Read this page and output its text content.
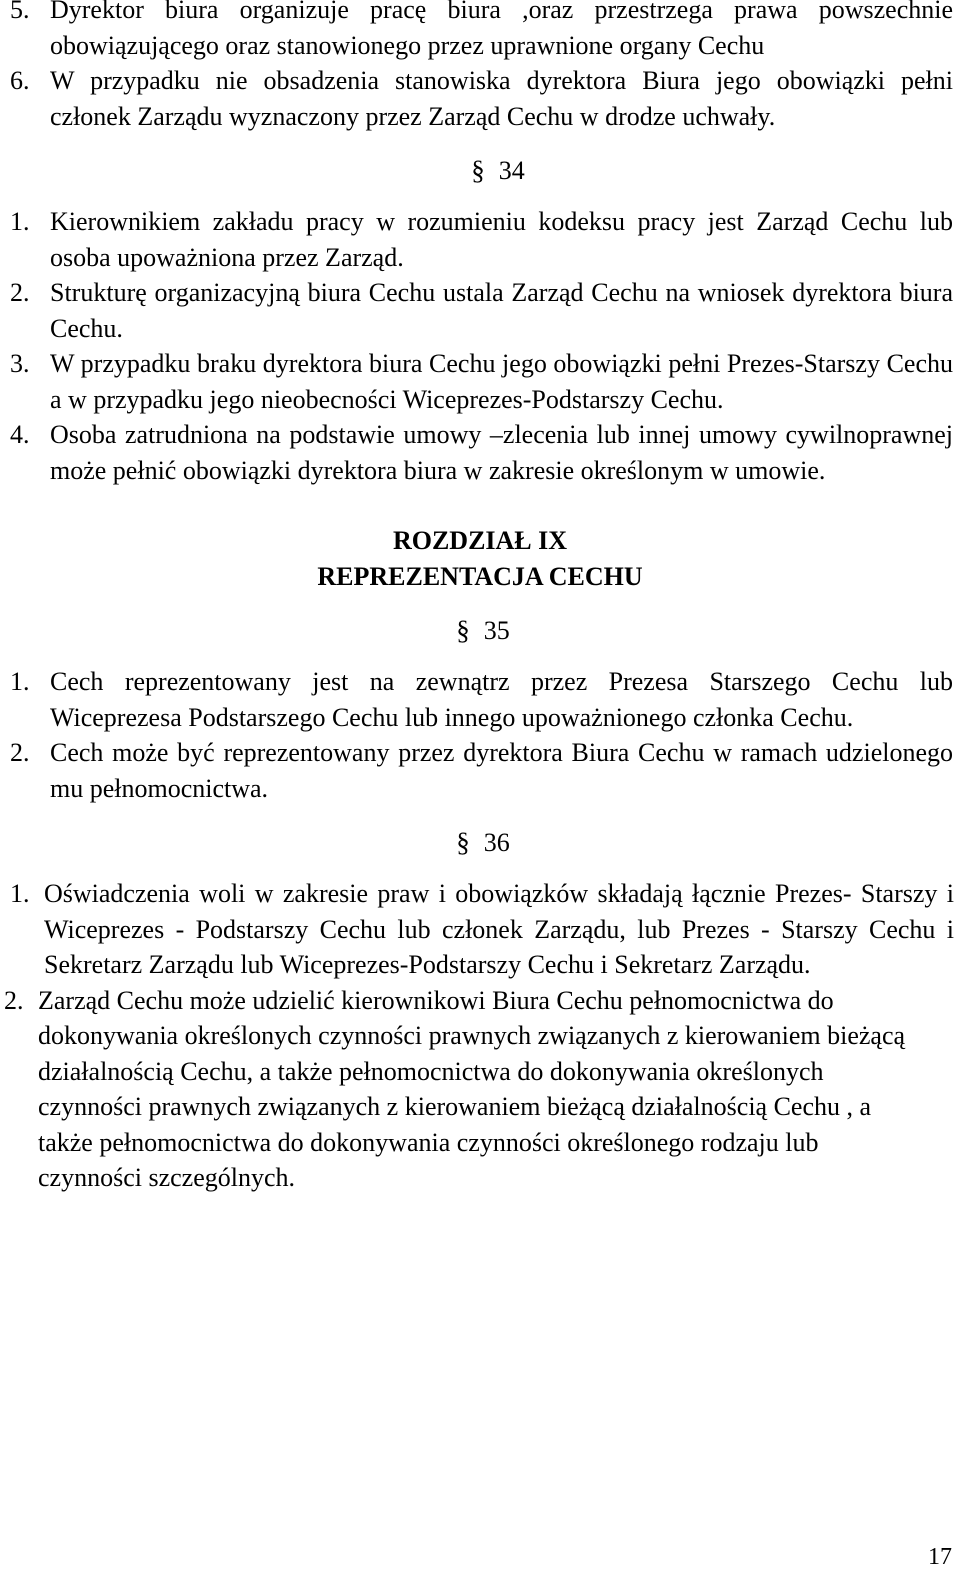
5. Dyrektor biura organizuje pracę biura ,oraz przestrzega prawa powszechnie obowiązującego oraz stanowionego przez uprawnione organy Cechu
6. W przypadku nie obsadzenia stanowiska dyrektora Biura jego obowiązki pełni członek Zarządu wyznaczony przez Zarząd Cechu w drodze uchwały.

§ 34

1. Kierownikiem zakładu pracy w rozumieniu kodeksu pracy jest Zarząd Cechu lub osoba upoważniona przez Zarząd.
2. Strukturę organizacyjną biura Cechu ustala Zarząd Cechu na wniosek dyrektora biura Cechu.
3. W przypadku braku dyrektora biura Cechu jego obowiązki pełni Prezes-Starszy Cechu a w przypadku jego nieobecności Wiceprezes-Podstarszy Cechu.
4. Osoba zatrudniona na podstawie umowy –zlecenia lub innej umowy cywilnoprawnej może pełnić obowiązki dyrektora biura w zakresie określonym w umowie.

ROZDZIAŁ IX

REPREZENTACJA CECHU

§ 35

1. Cech reprezentowany jest na zewnątrz przez Prezesa Starszego Cechu lub Wiceprezesa Podstarszego Cechu lub innego upoważnionego członka Cechu.
2. Cech może być reprezentowany przez dyrektora Biura Cechu w ramach udzielonego mu pełnomocnictwa.

§ 36

1. Oświadczenia woli w zakresie praw i obowiązków składają łącznie Prezes- Starszy i Wiceprezes - Podstarszy Cechu lub członek Zarządu, lub Prezes - Starszy Cechu i Sekretarz Zarządu lub Wiceprezes-Podstarszy Cechu i Sekretarz Zarządu.
2. Zarząd Cechu może udzielić kierownikowi Biura Cechu pełnomocnictwa do dokonywania określonych czynności prawnych związanych z kierowaniem bieżącą działalnością Cechu, a także pełnomocnictwa do dokonywania określonych czynności prawnych związanych z kierowaniem bieżącą działalnością Cechu , a także pełnomocnictwa do dokonywania czynności określonego rodzaju lub czynności szczególnych.
17
